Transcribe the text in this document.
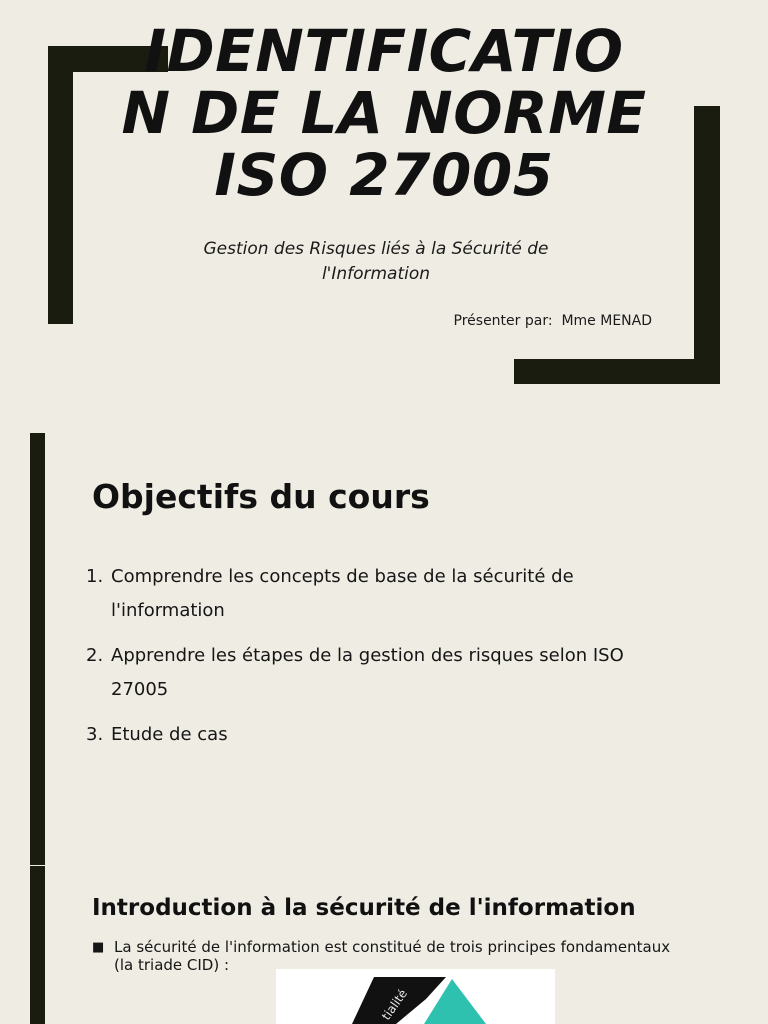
IDENTIFICATIO
N DE LA NORME
ISO 27005
Gestion des Risques liés à la Sécurité de
l'Information
Présenter par:  Mme MENAD
Objectifs du cours
1. Comprendre les concepts de base de la sécurité de
l'information
2. Apprendre les étapes de la gestion des risques selon ISO
27005
3. Etude de cas
Introduction à la sécurité de l'information
■ La sécurité de l'information est constitué de trois principes fondamentaux
(la triade CID) :
tialité
